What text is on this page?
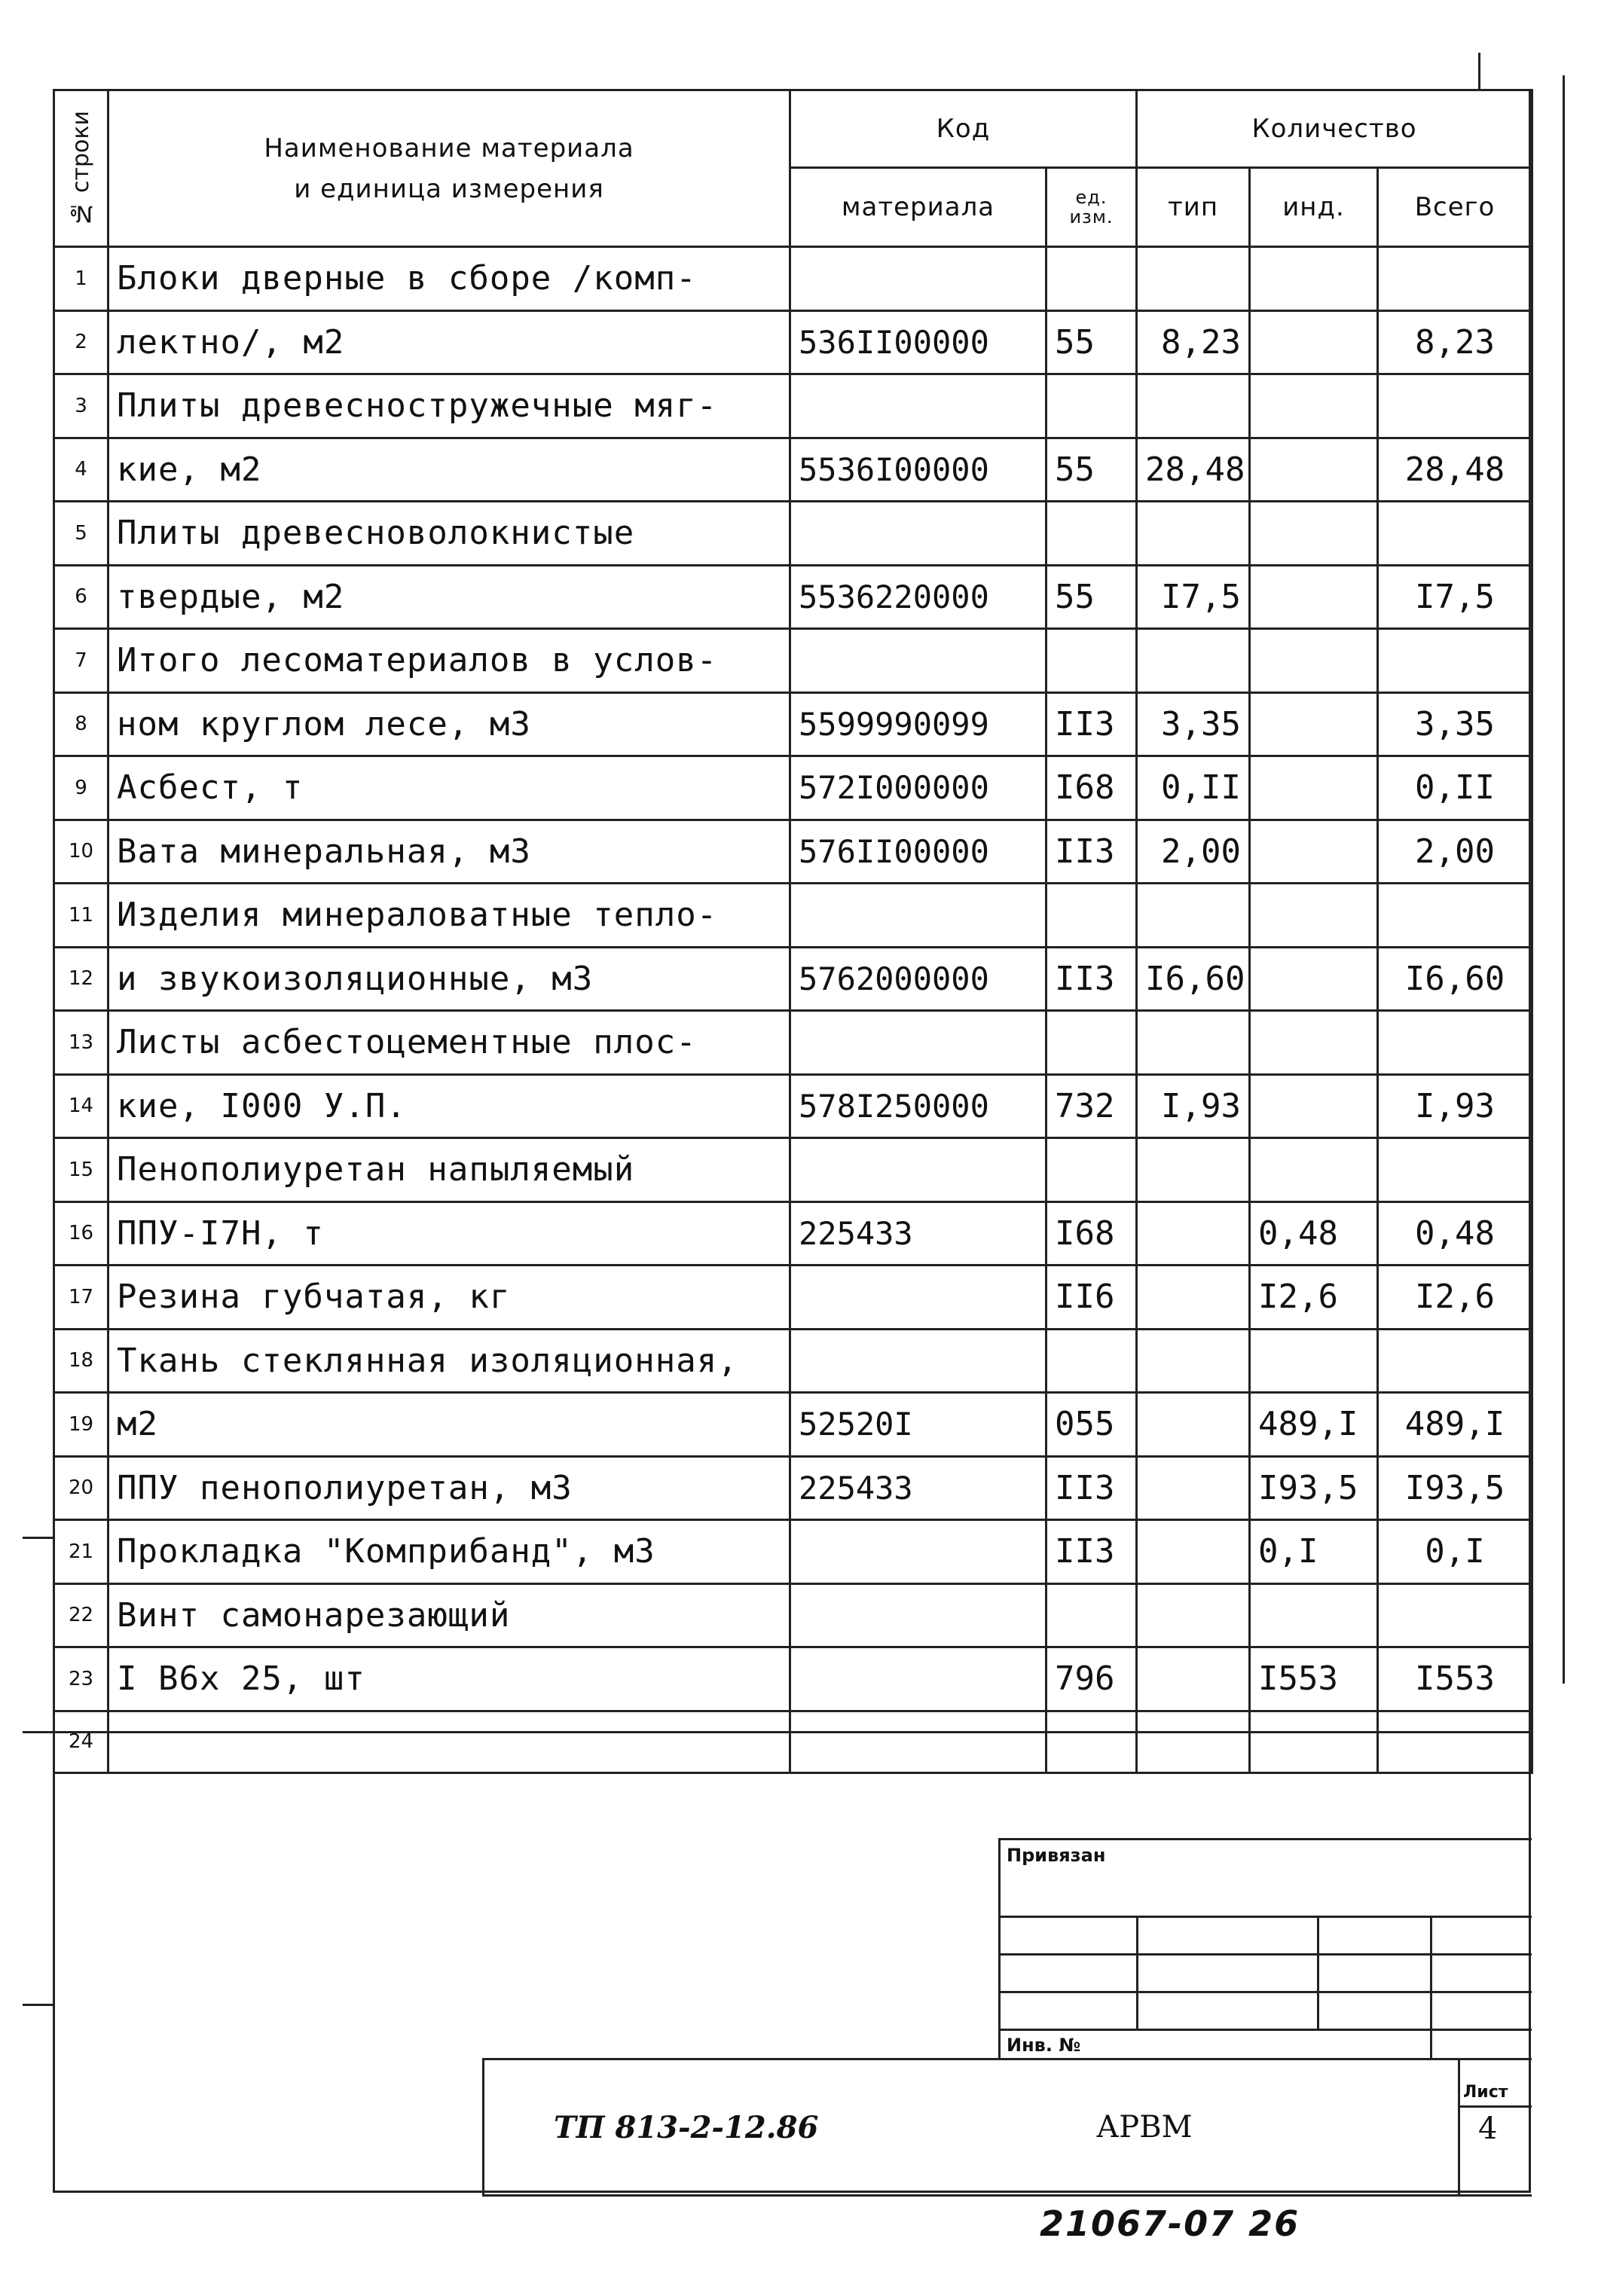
№ строки	Наименование материала
и единица измерения	Код		Количество		
		материала	ед. изм.	тип	инд.	Всего
1	Блоки дверные в сборе /комп-					
2	лектно/, м2	536II00000	55	8,23		8,23
3	Плиты древесностружечные мяг-					
4	кие, м2	5536I00000	55	28,48		28,48
5	Плиты древесноволокнистые					
6	твердые, м2	5536220000	55	I7,5		I7,5
7	Итого лесоматериалов в услов-					
8	ном круглом лесе, м3	5599990099	II3	3,35		3,35
9	Асбест, т	572I000000	I68	0,II		0,II
10	Вата минеральная, м3	576II00000	II3	2,00		2,00
11	Изделия минераловатные тепло-					
12	и звукоизоляционные, м3	5762000000	II3	I6,60		I6,60
13	Листы асбестоцементные плос-					
14	кие, I000 У.П.	578I250000	732	I,93		I,93
15	Пенополиуретан напыляемый					
16	ППУ-I7Н, т	225433	I68		0,48	0,48
17	Резина губчатая, кг		II6		I2,6	I2,6
18	Ткань стеклянная изоляционная,					
19	м2	52520I	055		489,I	489,I
20	ППУ пенополиуретан, м3	225433	II3		I93,5	I93,5
21	Прокладка "Комприбанд", м3		II3		0,I	0,I
22	Винт самонарезающий					
23	I В6х 25, шт		796		I553	I553
24						
Привязан
Инв. №
ТП 813-2-12.86	АРВМ
Лист
4
21067-07 26
